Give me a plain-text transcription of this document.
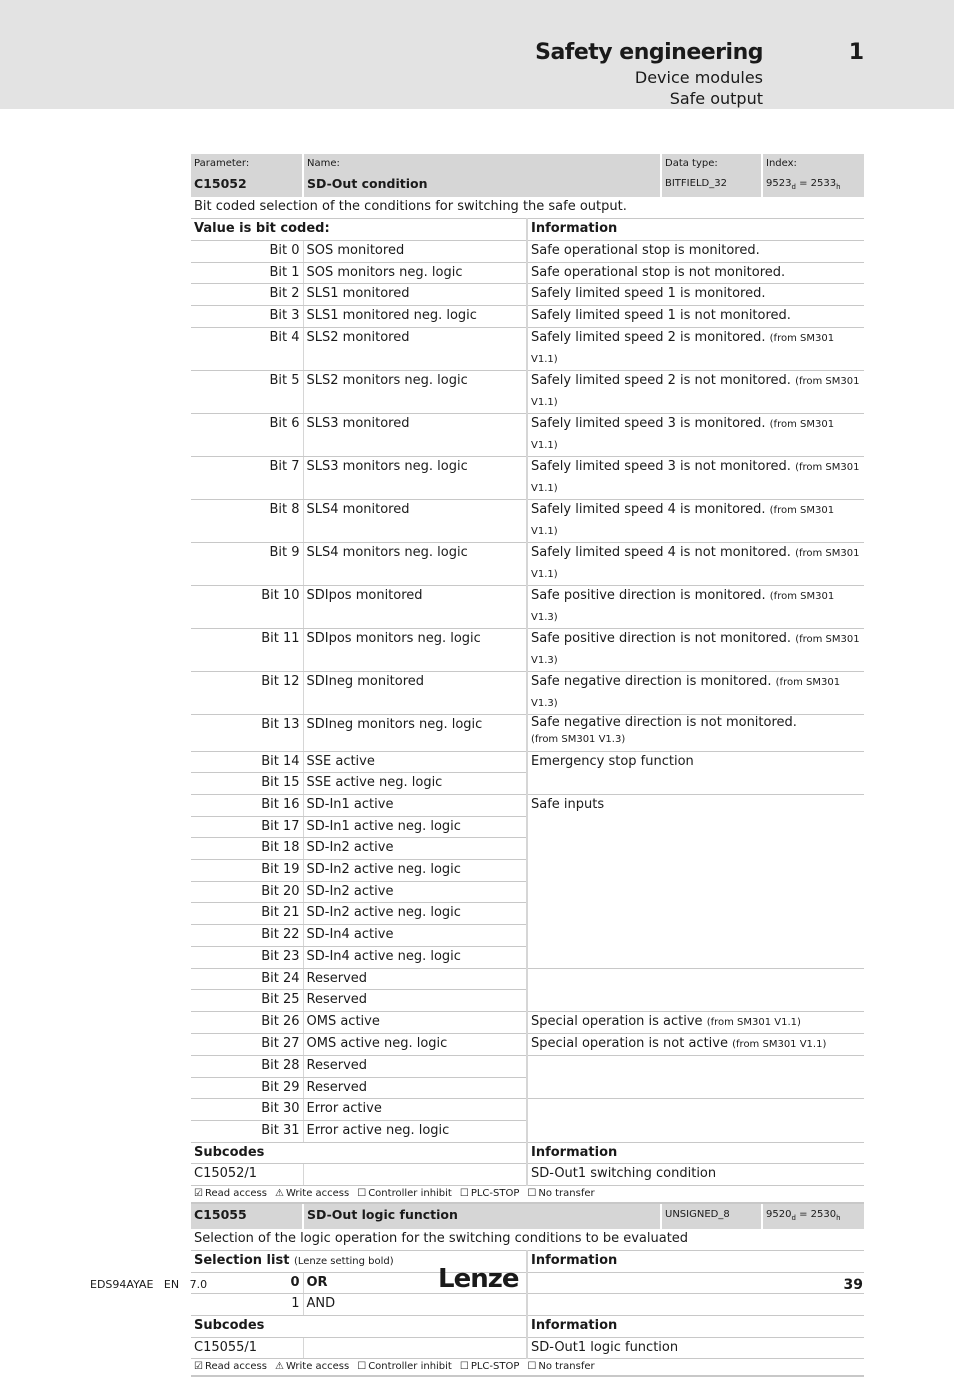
Safety engineering	1
Device modules
Safe output
Parameter:	Name:		Data type:	Index:
C15052	SD-Out condition		BITFIELD_32	$9523_d = 2533_h$
Bit coded selection of the conditions for switching the safe output.				
Value is bit coded:		Information		
Bit 0	SOS monitored	Safe operational stop is monitored.		
Bit 1	SOS monitors neg. logic	Safe operational stop is not monitored.		
Bit 2	SLS1 monitored	Safely limited speed 1 is monitored.		
Bit 3	SLS1 monitored neg. logic	Safely limited speed 1 is not monitored.		
Bit 4	SLS2 monitored	Safely limited speed 2 is monitored. (from SM301 V1.1)		
Bit 5	SLS2 monitors neg. logic	Safely limited speed 2 is not monitored. (from SM301 V1.1)		
Bit 6	SLS3 monitored	Safely limited speed 3 is monitored. (from SM301 V1.1)		
Bit 7	SLS3 monitors neg. logic	Safely limited speed 3 is not monitored. (from SM301 V1.1)		
Bit 8	SLS4 monitored	Safely limited speed 4 is monitored. (from SM301 V1.1)		
Bit 9	SLS4 monitors neg. logic	Safely limited speed 4 is not monitored. (from SM301 V1.1)		
Bit 10	SDIpos monitored	Safe positive direction is monitored. (from SM301 V1.3)		
Bit 11	SDIpos monitors neg. logic	Safe positive direction is not monitored. (from SM301 V1.3)		
Bit 12	SDIneg monitored	Safe negative direction is monitored. (from SM301 V1.3)		
Bit 13	SDIneg monitors neg. logic	Safe negative direction is not monitored.
(from SM301 V1.3)		
Bit 14	SSE active	Emergency stop function		
Bit 15	SSE active neg. logic			
Bit 16	SD-In1 active	Safe inputs		
Bit 17	SD-In1 active neg. logic			
Bit 18	SD-In2 active			
Bit 19	SD-In2 active neg. logic			
Bit 20	SD-In2 active			
Bit 21	SD-In2 active neg. logic			
Bit 22	SD-In4 active			
Bit 23	SD-In4 active neg. logic			
Bit 24	Reserved			
Bit 25	Reserved			
Bit 26	OMS active	Special operation is active (from SM301 V1.1)		
Bit 27	OMS active neg. logic	Special operation is not active (from SM301 V1.1)		
Bit 28	Reserved			
Bit 29	Reserved			
Bit 30	Error active			
Bit 31	Error active neg. logic			
Subcodes		Information		
C15052/1		SD-Out1 switching condition		
☑ Read access ⚠ Write access ☐ Controller inhibit ☐ PLC-STOP ☐ No transfer				
C15055	SD-Out logic function		UNSIGNED_8	$9520_d = 2530_h$
Selection of the logic operation for the switching conditions to be evaluated				
Selection list (Lenze setting bold)		Information		
0	OR			
1	AND			
Subcodes		Information		
C15055/1		SD-Out1 logic function		
☑ Read access ⚠ Write access ☐ Controller inhibit ☐ PLC-STOP ☐ No transfer				
EDS94AYAE   EN   7.0	Lenze	39
